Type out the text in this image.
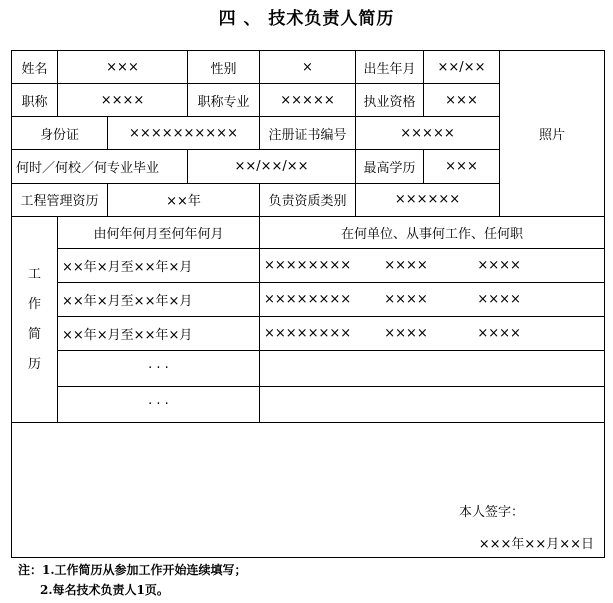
四 、 技术负责人简历
姓名	×××		性别	×	出生年月	××/××	照片
职称	××××		职称专业	×××××	执业资格	×××	
身份证		××××××××××		注册证书编号	×××××		
何时／何校／何专业毕业			××/××/××		最高学历	×××	
工程管理资历		××年		负责资质类别	××××××		

工
作
简
历	由何年何月至何年何月			在何单位、从事何工作、任何职			
	××年×月至××年×月			×××××××× ×××× ××××			
	××年×月至××年×月			×××××××× ×××× ××××			
	××年×月至××年×月			×××××××× ×××× ××××			
	· · ·						
	· · ·						

本人签字：
×××年××月××日							
注：1.工作简历从参加工作开始连续填写；
2.每名技术负责人1页。
